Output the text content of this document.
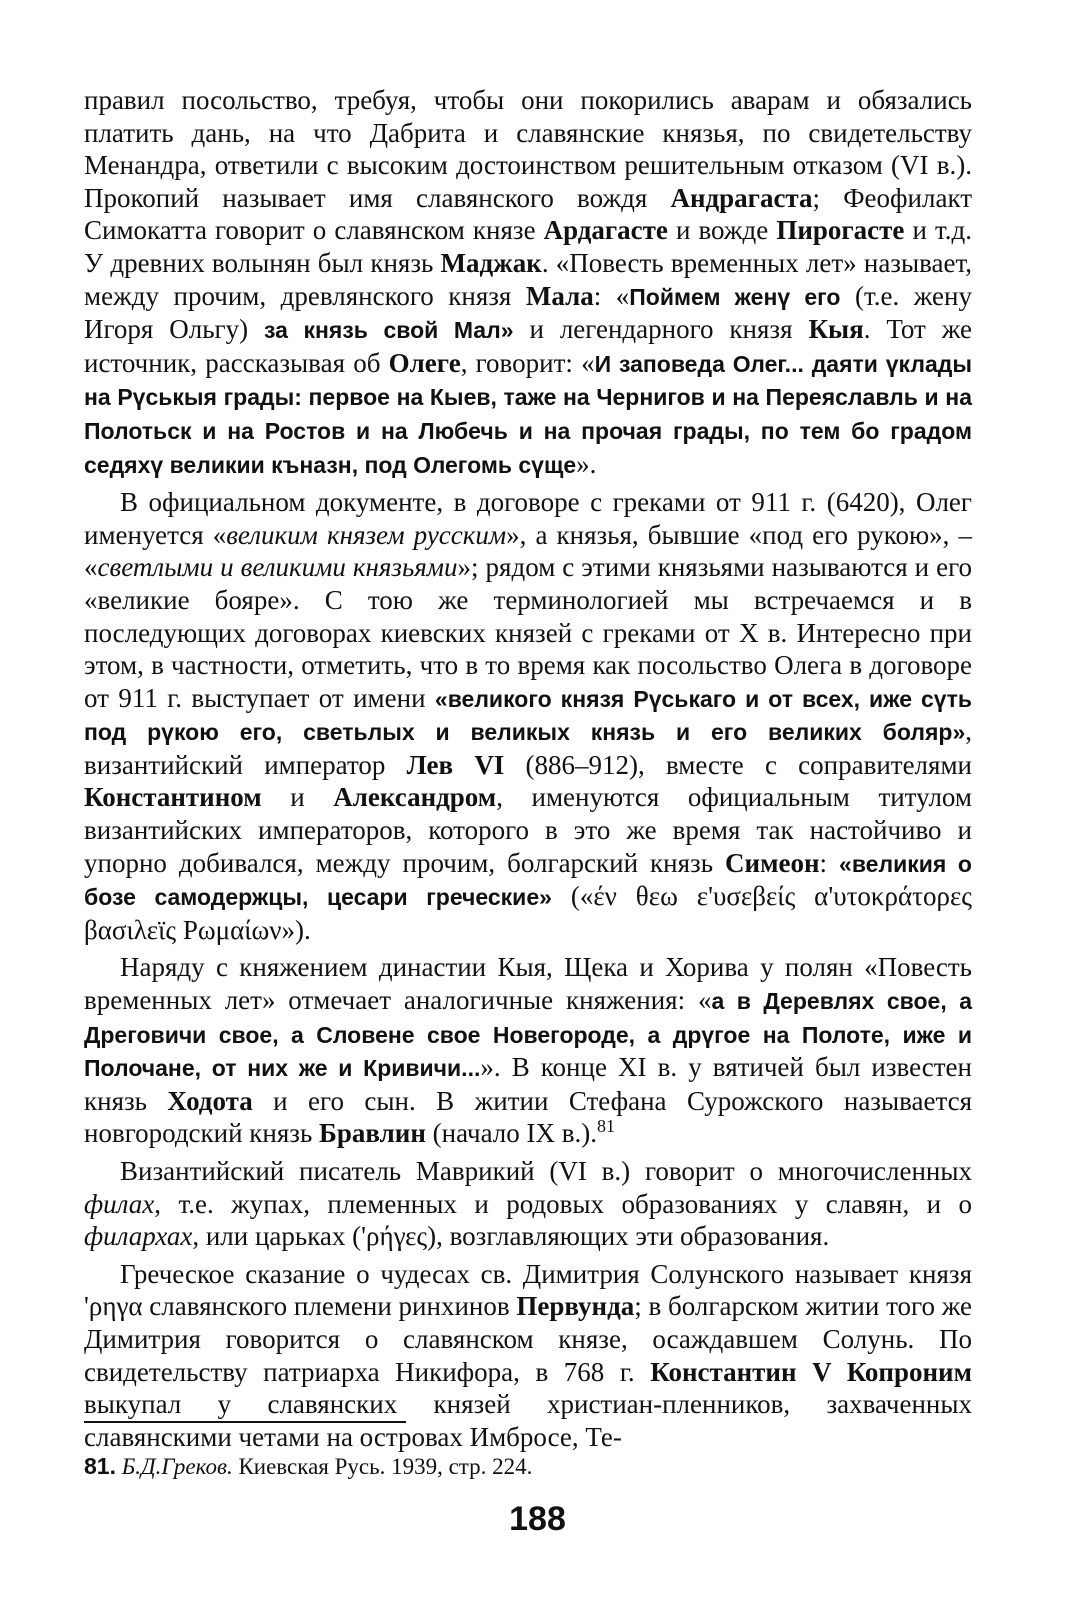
правил посольство, требуя, чтобы они покорились аварам и обязались платить дань, на что Дабрита и славянские князья, по свидетельству Менандра, ответили с высоким достоинством решительным отказом (VI в.). Прокопий называет имя славянского вождя Андрагаста; Феофилакт Симокатта говорит о славянском князе Ардагасте и вожде Пирогасте и т.д. У древних волынян был князь Маджак. «Повесть временных лет» называет, между прочим, древлянского князя Мала: «Поймем женү его (т.е. жену Игоря Ольгу) за князь свой Мал» и легендарного князя Кыя. Тот же источник, рассказывая об Олеге, говорит: «И заповеда Олег... даяти үклады на Рүськыя грады: первое на Кыев, таже на Чернигов и на Переяславль и на Полотьск и на Ростов и на Любечь и на прочая грады, по тем бо градом седяхү великии къназн, под Олегомь сүще».

В официальном документе, в договоре с греками от 911 г. (6420), Олег именуется «великим князем русским», а князья, бывшие «под его рукою», – «светлыми и великими князьями»; рядом с этими князьями называются и его «великие бояре». С тою же терминологией мы встречаемся и в последующих договорах киевских князей с греками от X в. Интересно при этом, в частности, отметить, что в то время как посольство Олега в договоре от 911 г. выступает от имени «великого князя Рүськаго и от всех, иже сүть под рүкою его, светьлых и великых князь и его великих боляр», византийский император Лев VI (886–912), вместе с соправителями Константином и Александром, именуются официальным титулом византийских императоров, которого в это же время так настойчиво и упорно добивался, между прочим, болгарский князь Симеон: «великия о бозе самодержцы, цесари греческие» («έν θεω ε'υσεβείς α'υτοκράτορες βασιλεϊς Ρωμαίων»).

Наряду с княжением династии Кыя, Щека и Хорива у полян «Повесть временных лет» отмечает аналогичные княжения: «а в Деревлях свое, а Дреговичи свое, а Словене свое Новегороде, а дрүгое на Полоте, иже и Полочане, от них же и Кривичи...». В конце XI в. у вятичей был известен князь Ходота и его сын. В житии Стефана Сурожского называется новгородский князь Бравлин (начало IX в.).$^{81}$

Византийский писатель Маврикий (VI в.) говорит о многочисленных филах, т.е. жупах, племенных и родовых образованиях у славян, и о филархах, или царьках ('ρήγες), возглавляющих эти образования.

Греческое сказание о чудесах св. Димитрия Солунского называет князя 'ρηγα славянского племени ринхинов Первунда; в болгарском житии того же Димитрия говорится о славянском князе, осаждавшем Солунь. По свидетельству патриарха Никифора, в 768 г. Константин V Копроним выкупал у славянских князей христиан-пленников, захваченных славянскими четами на островах Имбросе, Те-

81. Б.Д.Греков. Киевская Русь. 1939, стр. 224.
188
